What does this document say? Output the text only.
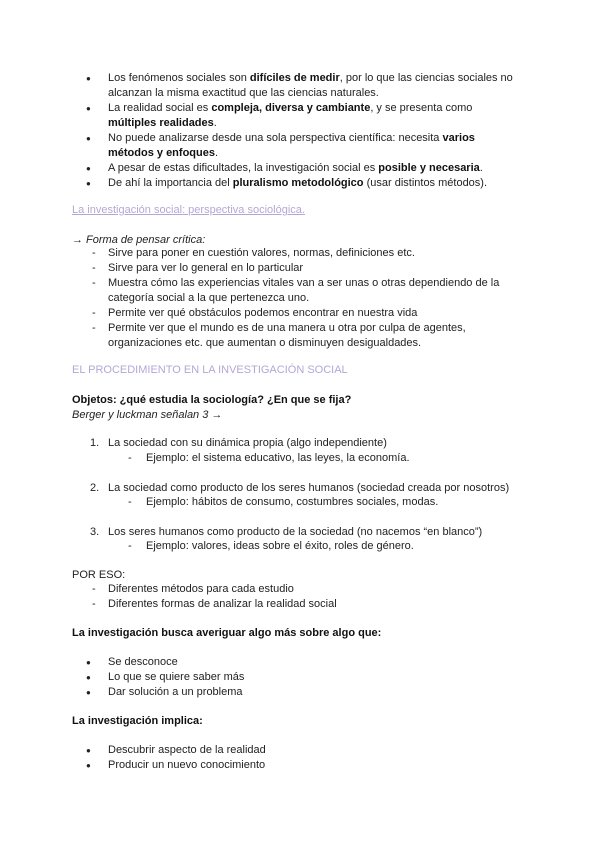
● Los fenómenos sociales son difíciles de medir, por lo que las ciencias sociales no alcanzan la misma exactitud que las ciencias naturales.
● La realidad social es compleja, diversa y cambiante, y se presenta como múltiples realidades.
● No puede analizarse desde una sola perspectiva científica: necesita varios métodos y enfoques.
● A pesar de estas dificultades, la investigación social es posible y necesaria.
● De ahí la importancia del pluralismo metodológico (usar distintos métodos).
La investigación social: perspectiva sociológica.
→ Forma de pensar crítica:
- Sirve para poner en cuestión valores, normas, definiciones etc.
- Sirve para ver lo general en lo particular
- Muestra cómo las experiencias vitales van a ser unas o otras dependiendo de la categoría social a la que pertenezca uno.
- Permite ver qué obstáculos podemos encontrar en nuestra vida
- Permite ver que el mundo es de una manera u otra por culpa de agentes, organizaciones etc. que aumentan o disminuyen desigualdades.
EL PROCEDIMIENTO EN LA INVESTIGACIÓN SOCIAL
Objetos: ¿qué estudia la sociología? ¿En que se fija?
Berger y luckman señalan 3 →
1. La sociedad con su dinámica propia (algo independiente)
- Ejemplo: el sistema educativo, las leyes, la economía.
2. La sociedad como producto de los seres humanos (sociedad creada por nosotros)
- Ejemplo: hábitos de consumo, costumbres sociales, modas.
3. Los seres humanos como producto de la sociedad (no nacemos “en blanco”)
- Ejemplo: valores, ideas sobre el éxito, roles de género.
POR ESO:
- Diferentes métodos para cada estudio
- Diferentes formas de analizar la realidad social
La investigación busca averiguar algo más sobre algo que:
● Se desconoce
● Lo que se quiere saber más
● Dar solución a un problema
La investigación implica:
● Descubrir aspecto de la realidad
● Producir un nuevo conocimiento
